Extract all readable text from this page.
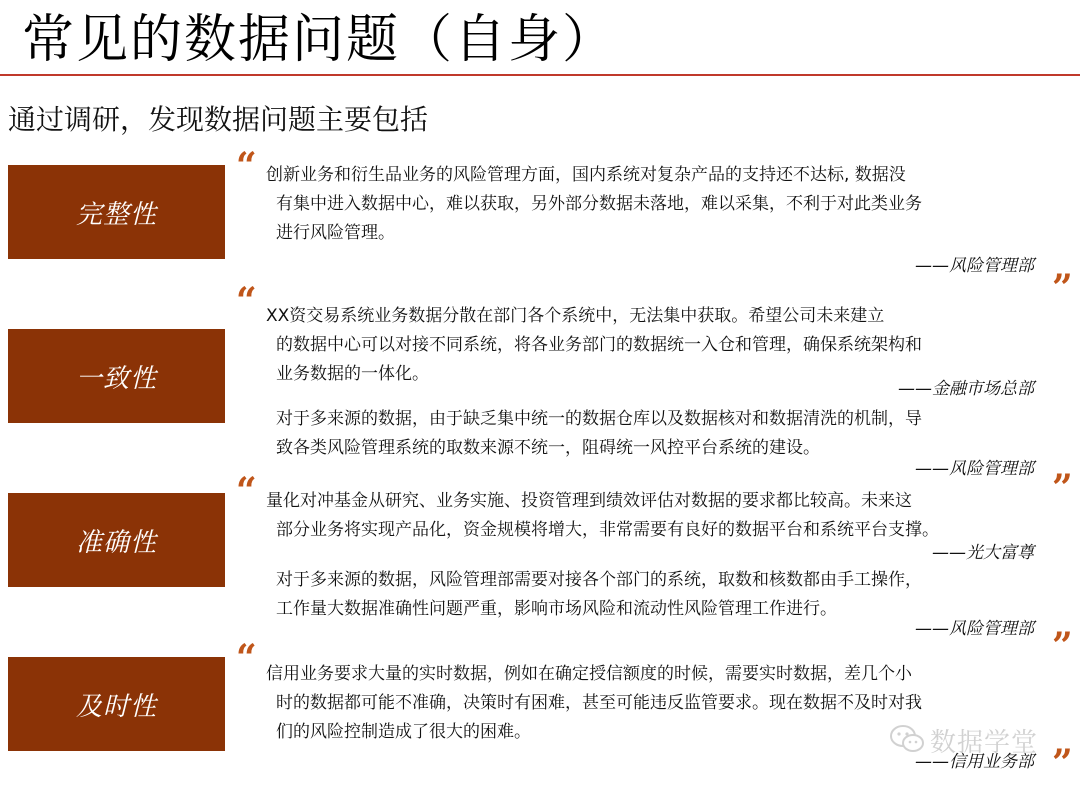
常见的数据问题（自身）
通过调研，发现数据问题主要包括
完整性
“ 创新业务和衍生品业务的风险管理方面，国内系统对复杂产品的支持还不达标, 数据没
有集中进入数据中心，难以获取，另外部分数据未落地，难以采集，不利于对此类业务
进行风险管理。
——风险管理部
”
一致性
“ XX资交易系统业务数据分散在部门各个系统中，无法集中获取。希望公司未来建立
的数据中心可以对接不同系统，将各业务部门的数据统一入仓和管理，确保系统架构和
业务数据的一体化。
——金融市场总部
对于多来源的数据，由于缺乏集中统一的数据仓库以及数据核对和数据清洗的机制，导
致各类风险管理系统的取数来源不统一，阻碍统一风控平台系统的建设。
——风险管理部
准确性
“	”
量化对冲基金从研究、业务实施、投资管理到绩效评估对数据的要求都比较高。未来这
部分业务将实现产品化，资金规模将增大，非常需要有良好的数据平台和系统平台支撑。
——光大富尊
对于多来源的数据，风险管理部需要对接各个部门的系统，取数和核数都由手工操作，
工作量大数据准确性问题严重，影响市场风险和流动性风险管理工作进行。
——风险管理部 ”
及时性
“ 信用业务要求大量的实时数据，例如在确定授信额度的时候，需要实时数据，差几个小
时的数据都可能不准确，决策时有困难，甚至可能违反监管要求。现在数据不及时对我
们的风险控制造成了很大的困难。
——信用业务部 ”
数据学堂
